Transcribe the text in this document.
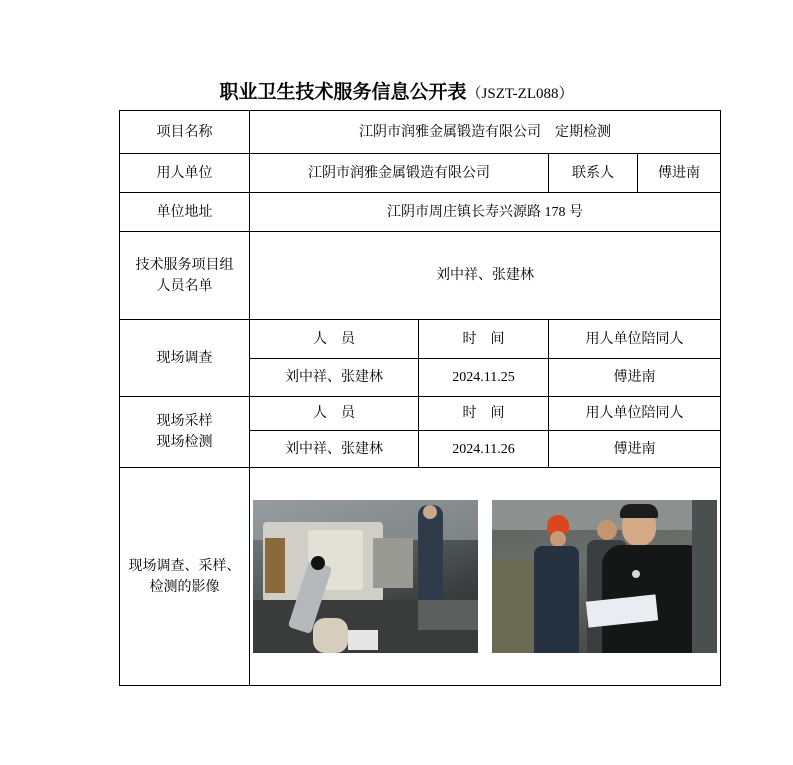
职业卫生技术服务信息公开表（JSZT-ZL088）
项目名称	江阴市润雅金属锻造有限公司　定期检测			
用人单位	江阴市润雅金属锻造有限公司		联系人	傅进南
单位地址	江阴市周庄镇长寿兴源路 178 号			

技术服务项目组
人员名单	刘中祥、张建林			
现场调查	人　员	时　间	用人单位陪同人	
	刘中祥、张建林	2024.11.25	傅进南	

现场采样
现场检测	人　员	时　间	用人单位陪同人	
	刘中祥、张建林	2024.11.26	傅进南	

现场调查、采样、
检测的影像				
